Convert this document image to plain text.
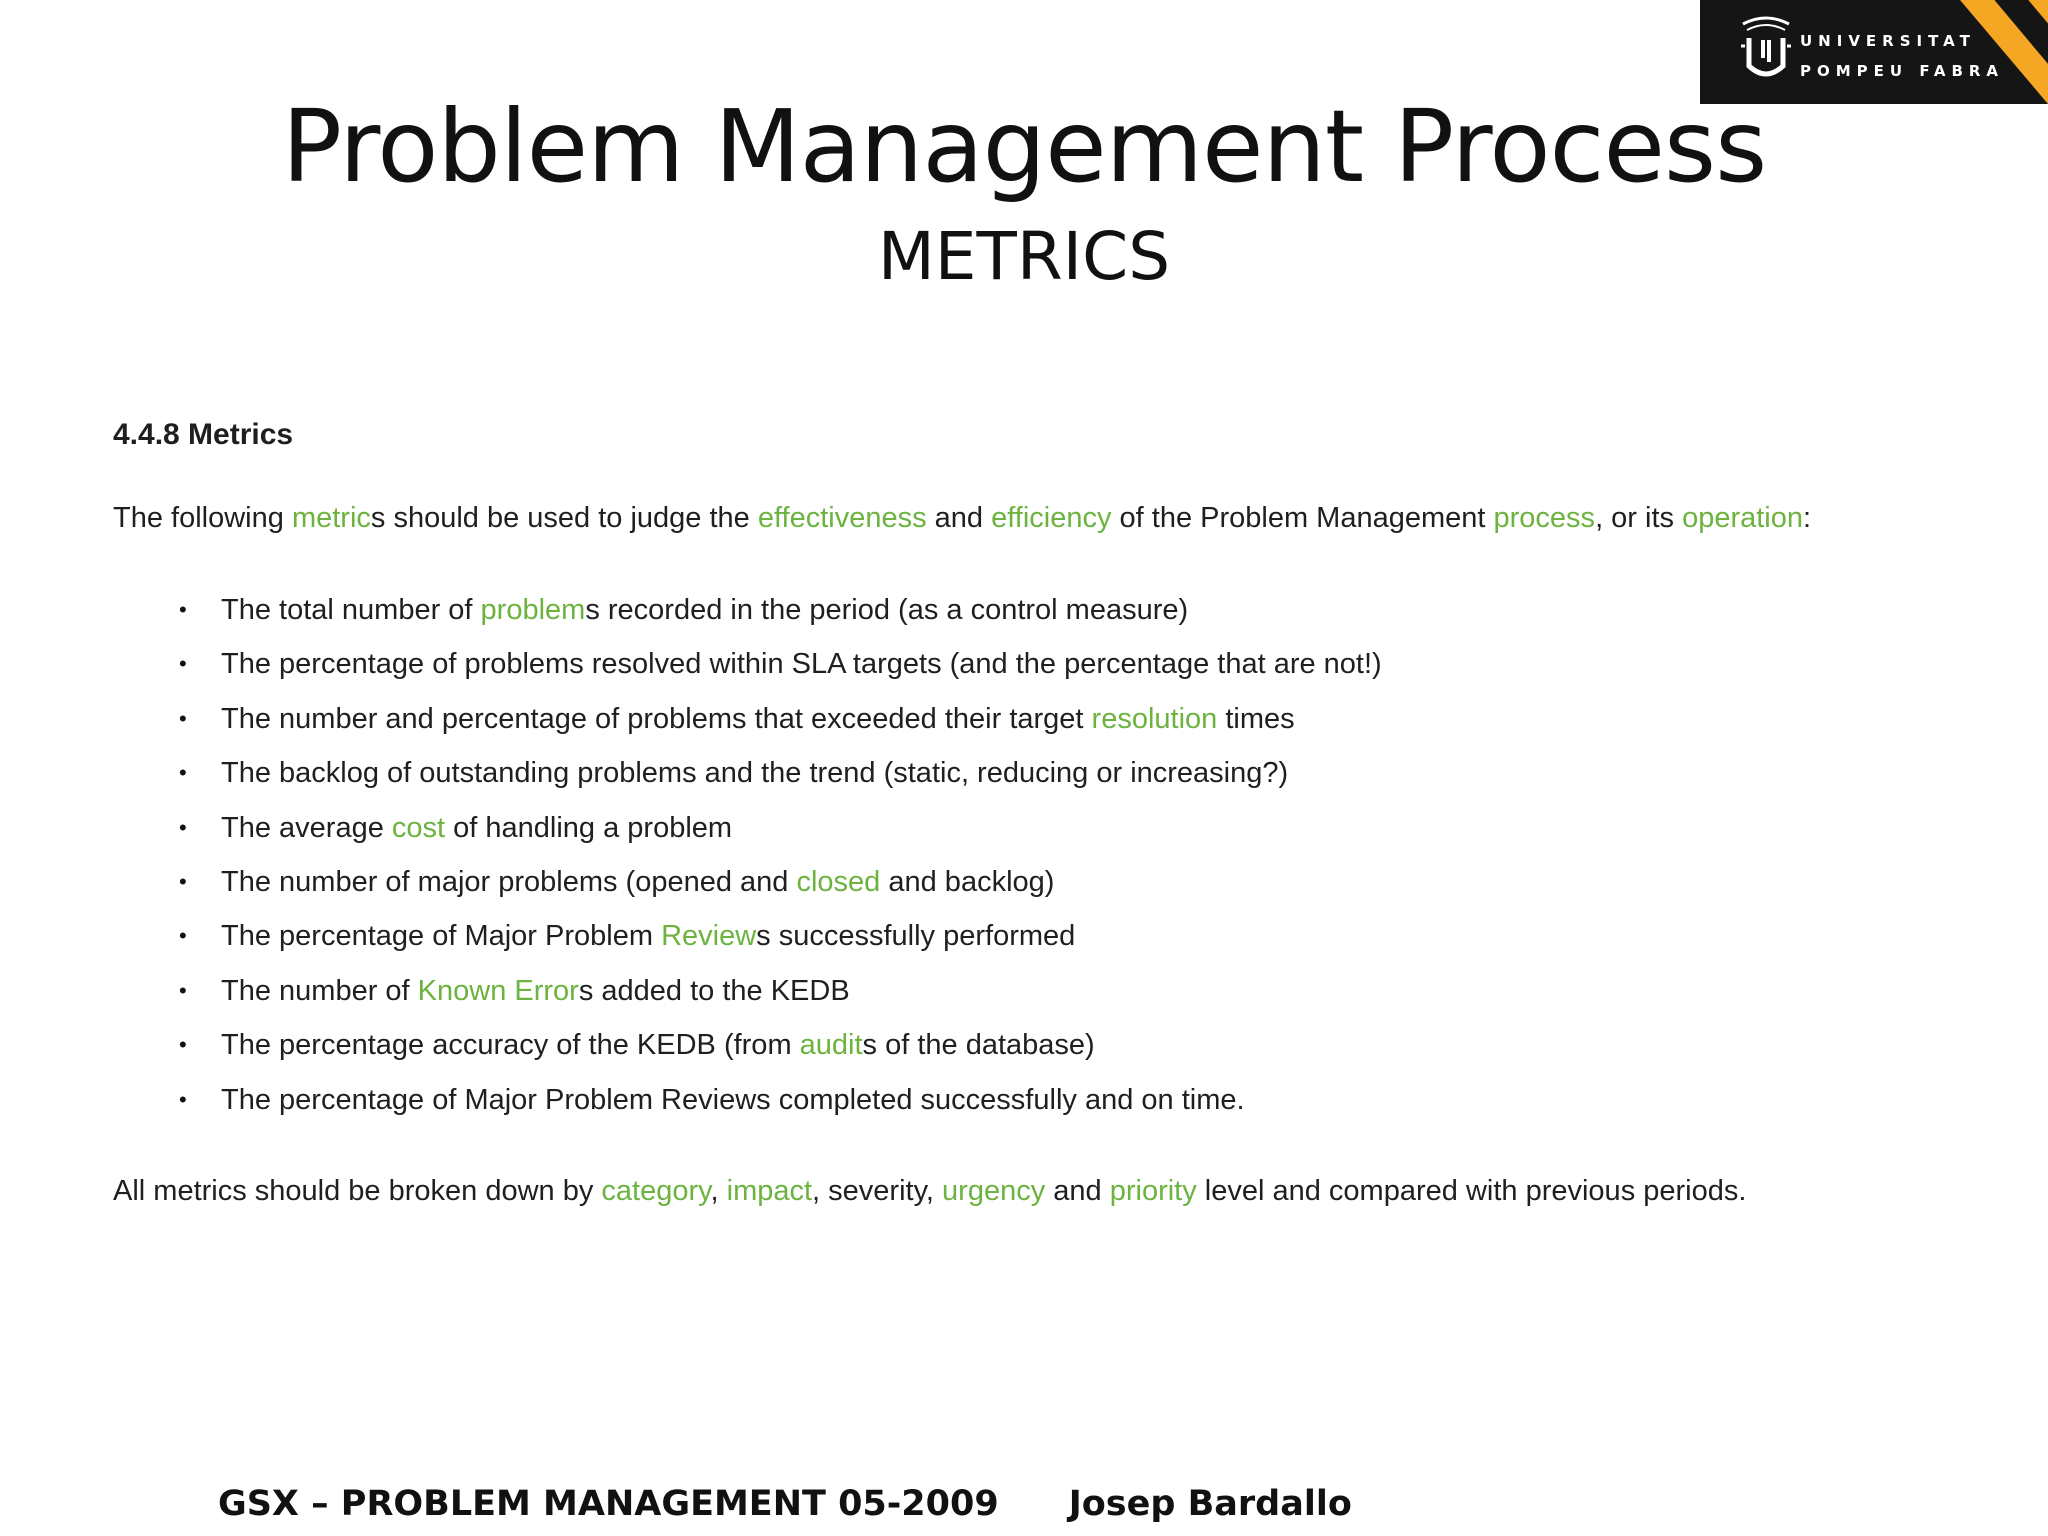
UNIVERSITAT
POMPEU FABRA
Problem Management Process
METRICS
4.4.8 Metrics
The following metrics should be used to judge the effectiveness and efficiency of the Problem Management process, or its operation:
• The total number of problems recorded in the period (as a control measure)
• The percentage of problems resolved within SLA targets (and the percentage that are not!)
• The number and percentage of problems that exceeded their target resolution times
• The backlog of outstanding problems and the trend (static, reducing or increasing?)
• The average cost of handling a problem
• The number of major problems (opened and closed and backlog)
• The percentage of Major Problem Reviews successfully performed
• The number of Known Errors added to the KEDB
• The percentage accuracy of the KEDB (from audits of the database)
• The percentage of Major Problem Reviews completed successfully and on time.
All metrics should be broken down by category, impact, severity, urgency and priority level and compared with previous periods.
GSX – PROBLEM MANAGEMENT 05-2009 Josep Bardallo
